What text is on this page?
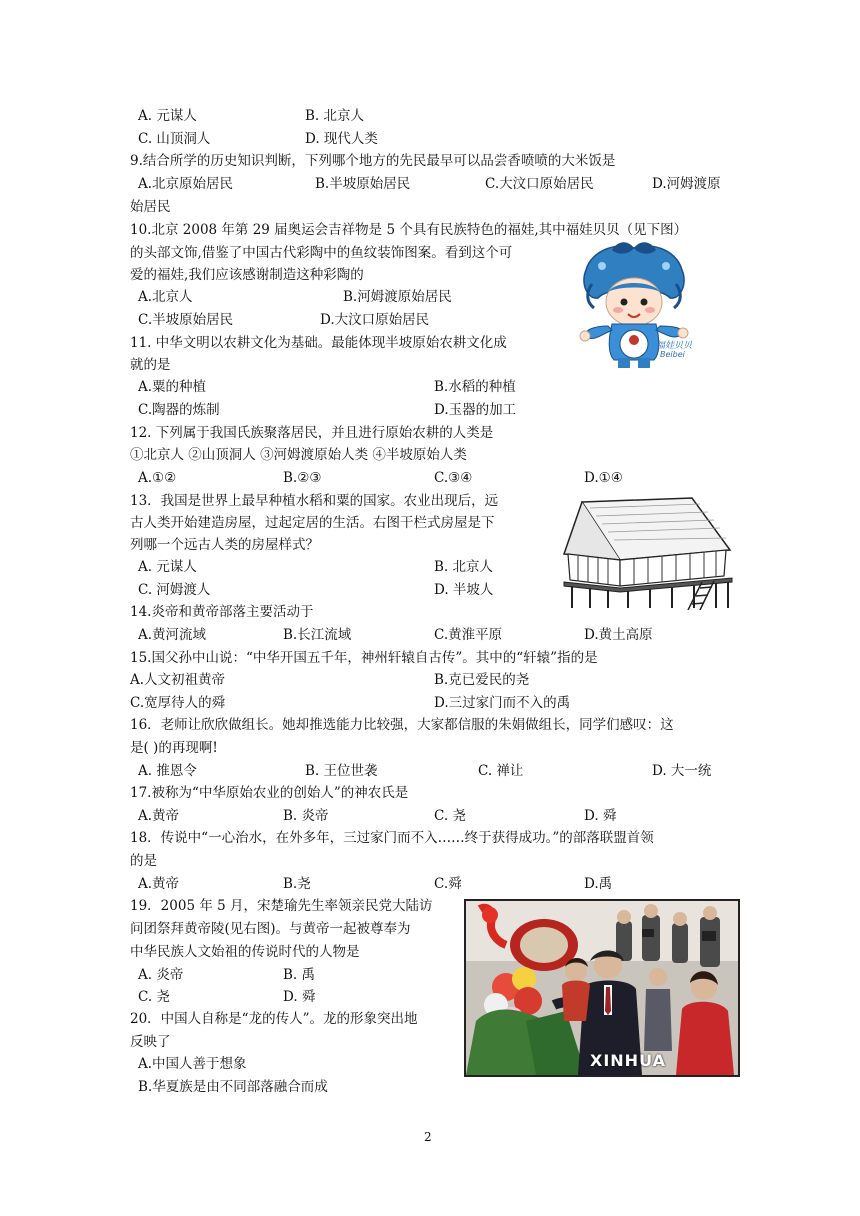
A. 元谋人	B. 北京人
C. 山顶洞人	D. 现代人类
9.结合所学的历史知识判断，下列哪个地方的先民最早可以品尝香喷喷的大米饭是
A.北京原始居民	B.半坡原始居民	C.大汶口原始居民	D.河姆渡原
始居民
10.北京 2008 年第 29 届奥运会吉祥物是 5 个具有民族特色的福娃,其中福娃贝贝（见下图）
的头部文饰,借鉴了中国古代彩陶中的鱼纹装饰图案。看到这个可
爱的福娃,我们应该感谢制造这种彩陶的
A.北京人	B.河姆渡原始居民
C.半坡原始居民	D.大汶口原始居民
福娃贝贝
Beibei
11. 中华文明以农耕文化为基础。最能体现半坡原始农耕文化成
就的是
A.粟的种植	B.水稻的种植
C.陶器的炼制	D.玉器的加工
12. 下列属于我国氏族聚落居民，并且进行原始农耕的人类是
①北京人 ②山顶洞人 ③河姆渡原始人类 ④半坡原始人类
A.①②	B.②③	C.③④	D.①④
13．我国是世界上最早种植水稻和粟的国家。农业出现后，远
古人类开始建造房屋，过起定居的生活。右图干栏式房屋是下
列哪一个远古人类的房屋样式？
A. 元谋人	B. 北京人
C. 河姆渡人	D. 半坡人
14.炎帝和黄帝部落主要活动于
A.黄河流域	B.长江流域	C.黄淮平原	D.黄土高原
15.国父孙中山说：“中华开国五千年，神州轩辕自古传”。其中的“轩辕”指的是
A.人文初祖黄帝	B.克已爱民的尧
C.宽厚待人的舜	D.三过家门而不入的禹
16．老师让欣欣做组长。她却推选能力比较强，大家都信服的朱娟做组长，同学们感叹：这
是( )的再现啊!
A. 推恩令	B. 王位世袭	C. 禅让	D. 大一统
17.被称为“中华原始农业的创始人”的神农氏是
A.黄帝	B. 炎帝	C. 尧	D. 舜
18．传说中“一心治水，在外多年，三过家门而不入……终于获得成功。”的部落联盟首领
的是
A.黄帝	B.尧	C.舜	D.禹
19．2005 年 5 月，宋楚瑜先生率领亲民党大陆访
问团祭拜黄帝陵(见右图)。与黄帝一起被尊奉为
中华民族人文始祖的传说时代的人物是
A. 炎帝	B. 禹
C. 尧	D. 舜
XINHUA
20．中国人自称是“龙的传人”。龙的形象突出地
反映了
A.中国人善于想象
B.华夏族是由不同部落融合而成
2
